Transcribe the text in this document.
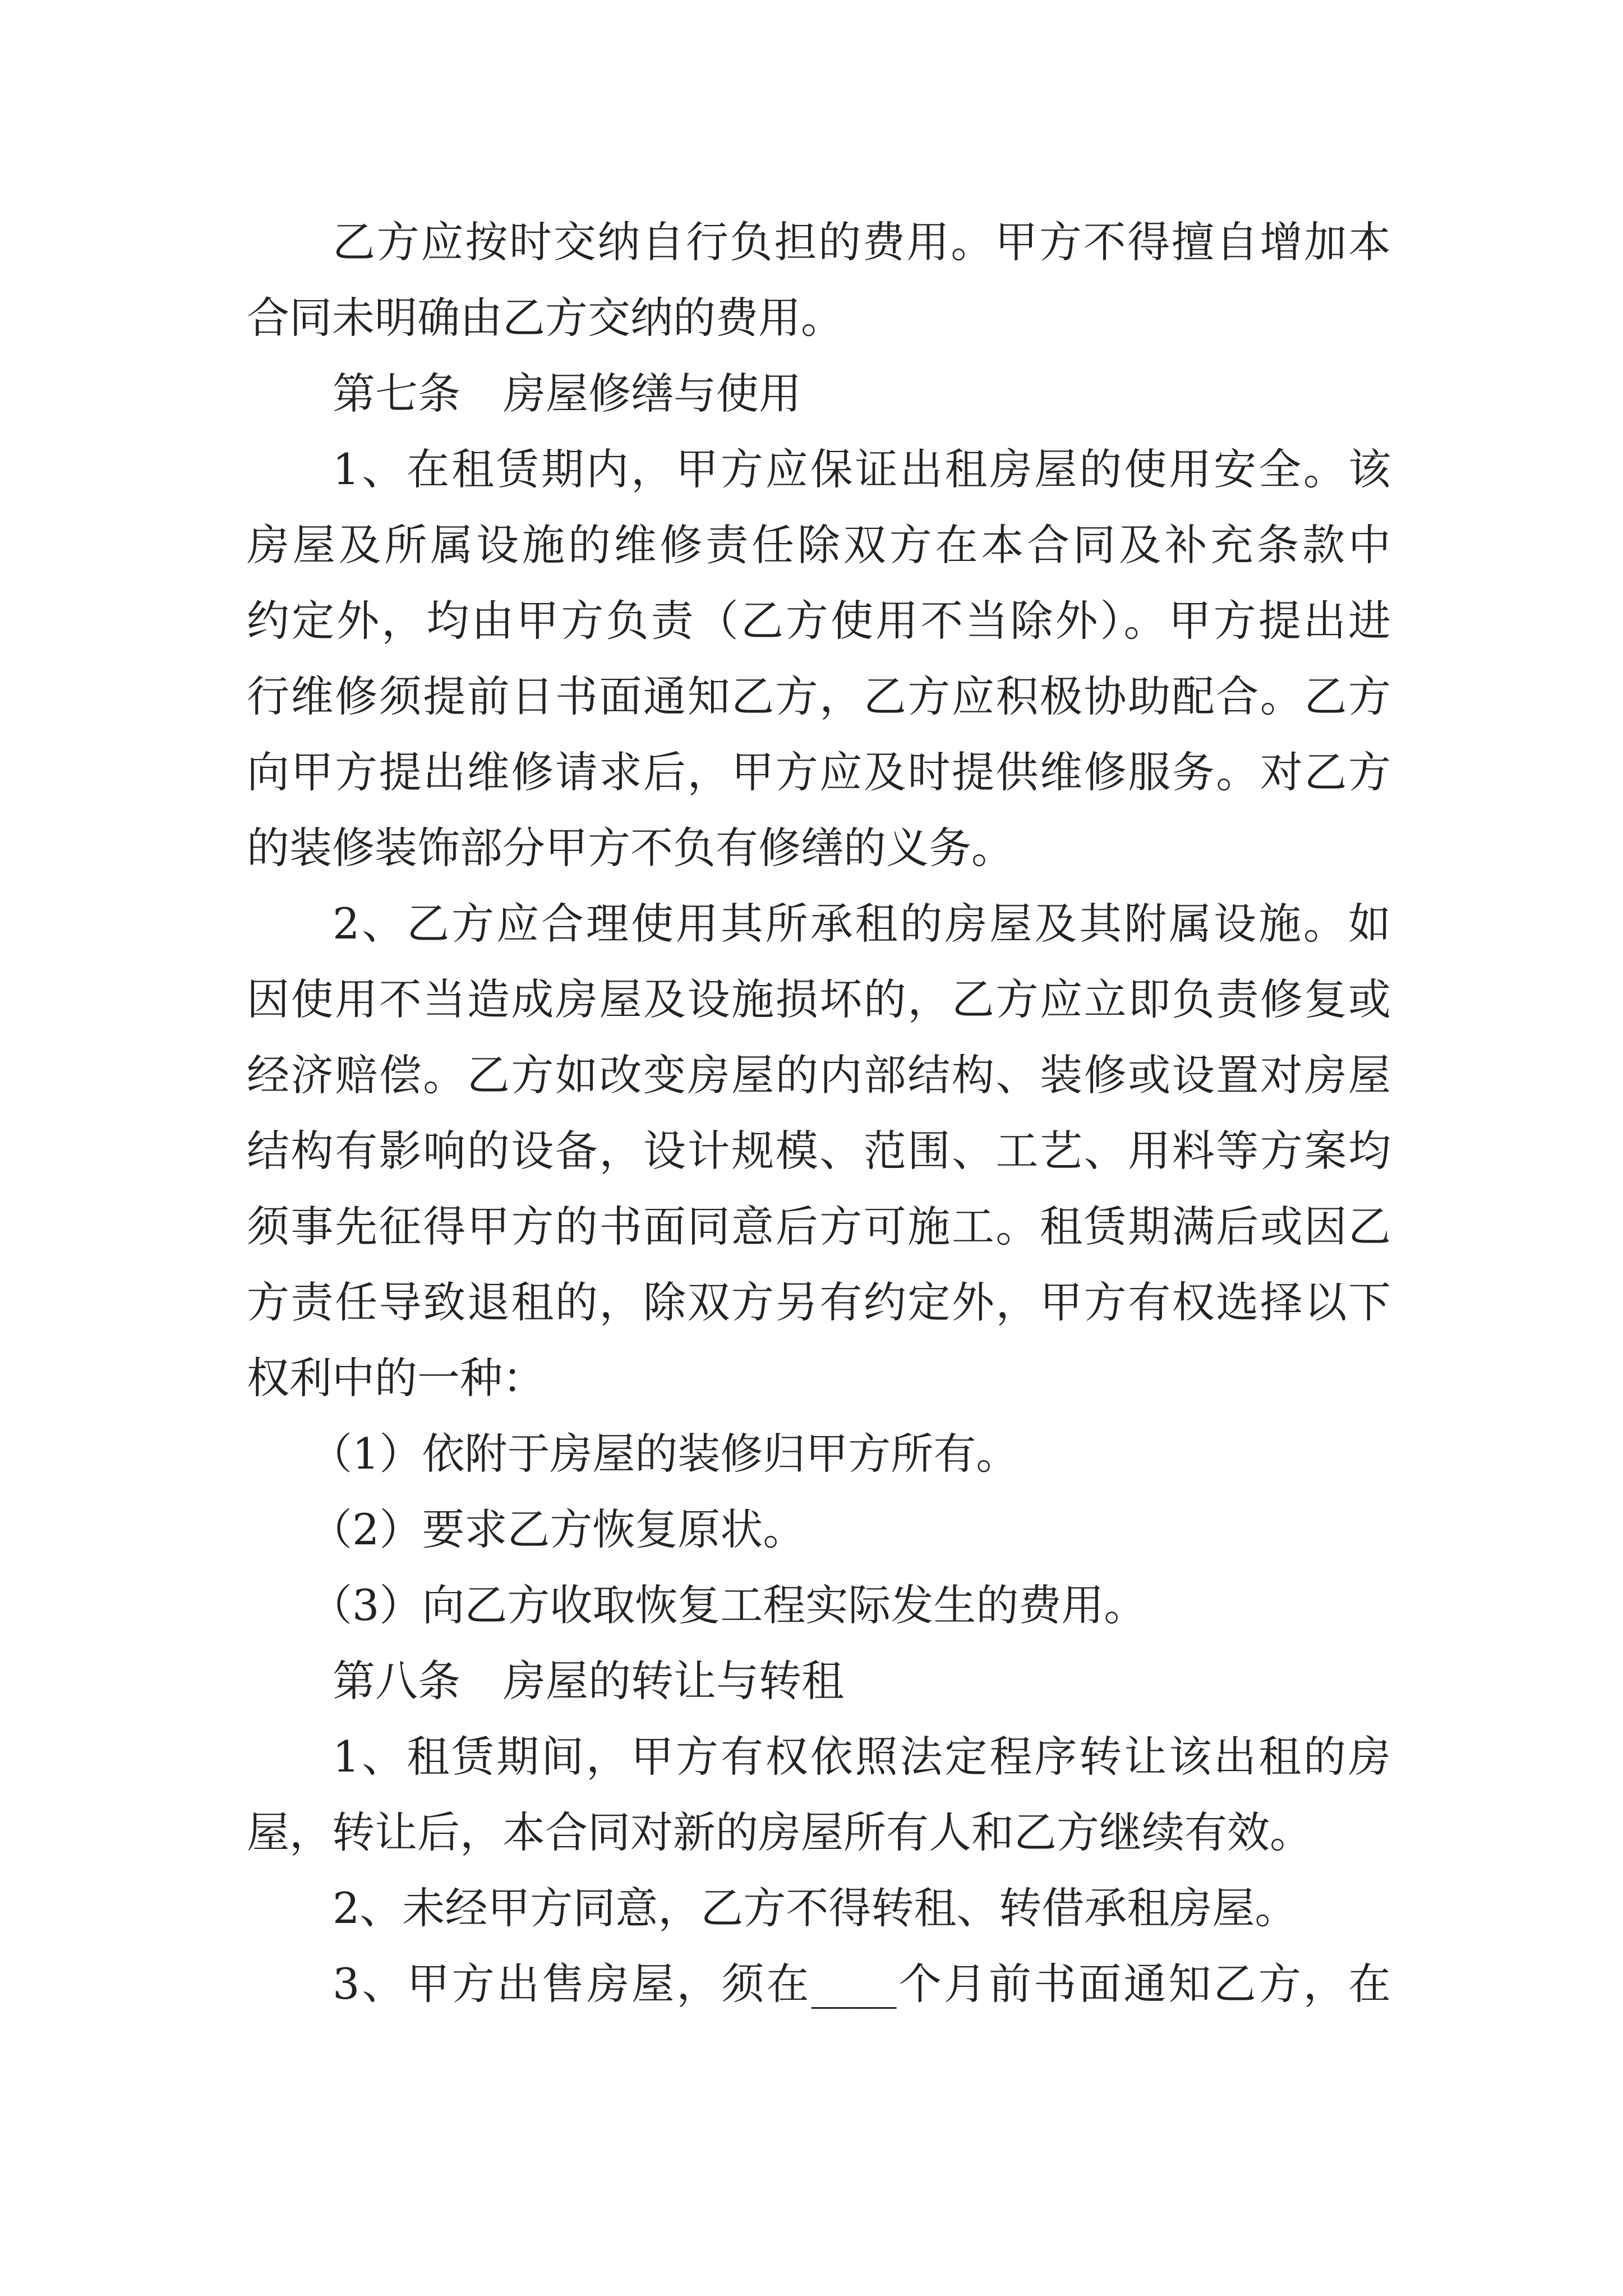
乙方应按时交纳自行负担的费用。甲方不得擅自增加本
合同未明确由乙方交纳的费用。
第七条　房屋修缮与使用
1、在租赁期内，甲方应保证出租房屋的使用安全。该
房屋及所属设施的维修责任除双方在本合同及补充条款中
约定外，均由甲方负责（乙方使用不当除外）。甲方提出进
行维修须提前日书面通知乙方，乙方应积极协助配合。乙方
向甲方提出维修请求后，甲方应及时提供维修服务。对乙方
的装修装饰部分甲方不负有修缮的义务。
2、乙方应合理使用其所承租的房屋及其附属设施。如
因使用不当造成房屋及设施损坏的，乙方应立即负责修复或
经济赔偿。乙方如改变房屋的内部结构、装修或设置对房屋
结构有影响的设备，设计规模、范围、工艺、用料等方案均
须事先征得甲方的书面同意后方可施工。租赁期满后或因乙
方责任导致退租的，除双方另有约定外，甲方有权选择以下
权利中的一种：
（1）依附于房屋的装修归甲方所有。
（2）要求乙方恢复原状。
（3）向乙方收取恢复工程实际发生的费用。
第八条　房屋的转让与转租
1、租赁期间，甲方有权依照法定程序转让该出租的房
屋，转让后，本合同对新的房屋所有人和乙方继续有效。
2、未经甲方同意，乙方不得转租、转借承租房屋。
3、甲方出售房屋，须在____个月前书面通知乙方，在
